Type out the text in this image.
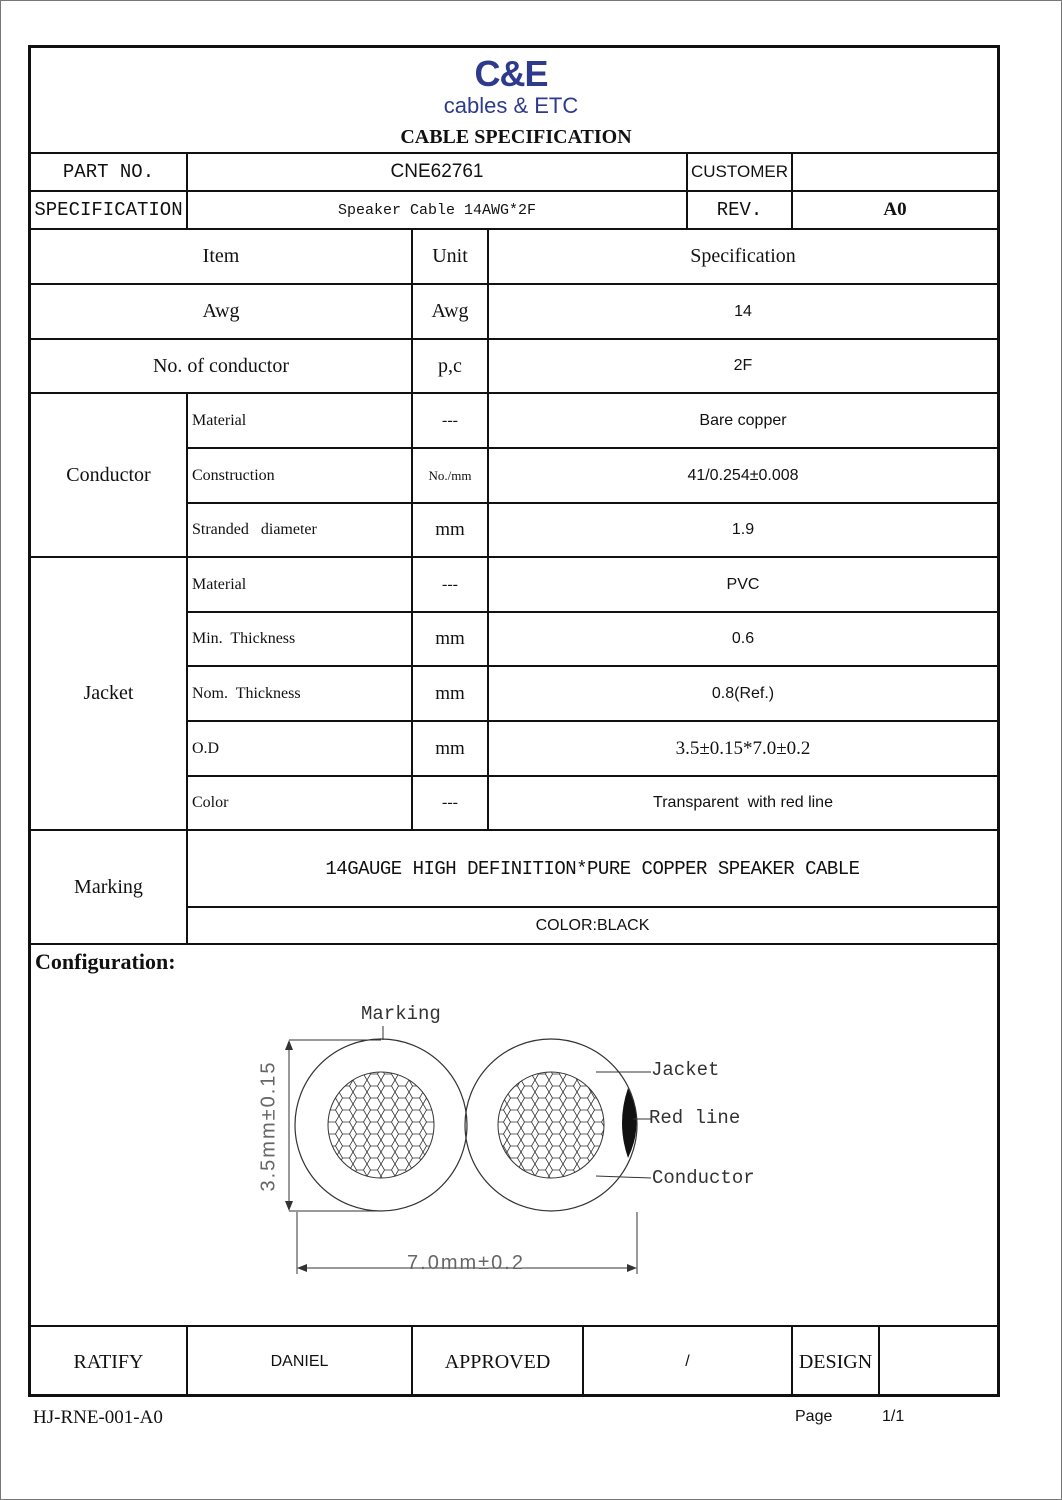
C&E
cables & ETC
CABLE SPECIFICATION
PART NO.	CNE62761	CUSTOMER
SPECIFICATION	Speaker Cable 14AWG*2F	REV.	A0
Item	Unit	Specification
Awg	Awg	14
No. of conductor	p,c	2F
Conductor
Material	---	Bare copper
Construction	No./mm	41/0.254±0.008
Stranded   diameter	mm	1.9
Jacket
Material	---	PVC
Min.  Thickness	mm	0.6
Nom.  Thickness	mm	0.8(Ref.)
O.D	mm	3.5±0.15*7.0±0.2
Color	---	Transparent  with red line
Marking
14GAUGE HIGH DEFINITION*PURE COPPER SPEAKER CABLE
COLOR:BLACK
Configuration:
Marking
Jacket
Red line
Conductor
3.5mm±0.15
7.0mm±0.2
RATIFY	DANIEL	APPROVED	/	DESIGN
HJ-RNE-001-A0	Page	1/1
